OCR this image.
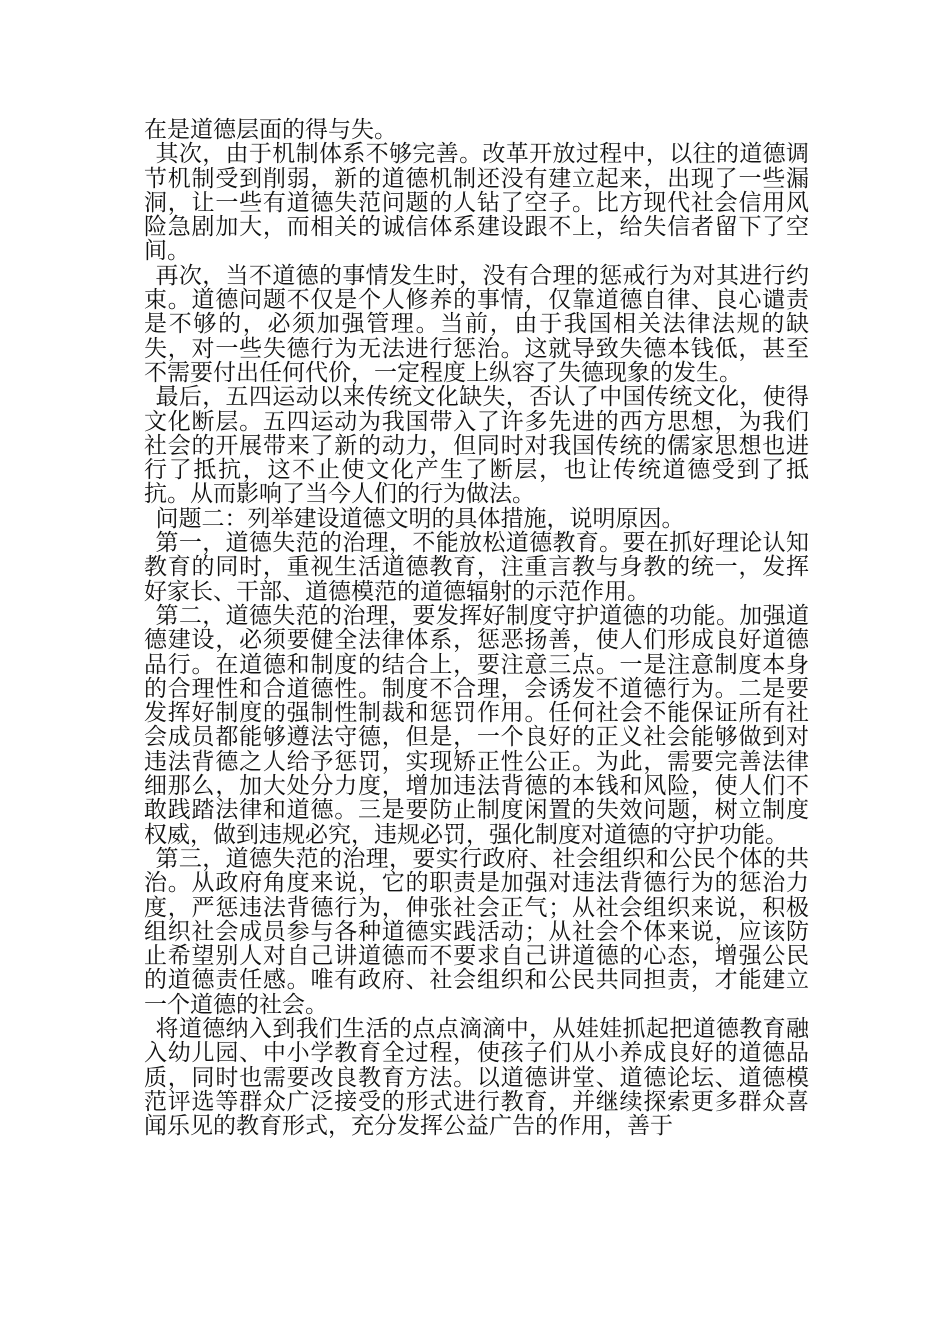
在是道德层面的得与失。

其次，由于机制体系不够完善。改革开放过程中，以往的道德调节机制受到削弱，新的道德机制还没有建立起来，出现了一些漏洞，让一些有道德失范问题的人钻了空子。比方现代社会信用风险急剧加大，而相关的诚信体系建设跟不上，给失信者留下了空间。

再次，当不道德的事情发生时，没有合理的惩戒行为对其进行约束。道德问题不仅是个人修养的事情，仅靠道德自律、良心谴责是不够的，必须加强管理。当前，由于我国相关法律法规的缺失，对一些失德行为无法进行惩治。这就导致失德本钱低，甚至不需要付出任何代价，一定程度上纵容了失德现象的发生。

最后，五四运动以来传统文化缺失，否认了中国传统文化，使得文化断层。五四运动为我国带入了许多先进的西方思想，为我们社会的开展带来了新的动力，但同时对我国传统的儒家思想也进行了抵抗，这不止使文化产生了断层，也让传统道德受到了抵抗。从而影响了当今人们的行为做法。

问题二：列举建设道德文明的具体措施，说明原因。

第一，道德失范的治理，不能放松道德教育。要在抓好理论认知教育的同时，重视生活道德教育，注重言教与身教的统一，发挥好家长、干部、道德模范的道德辐射的示范作用。

第二，道德失范的治理，要发挥好制度守护道德的功能。加强道德建设，必须要健全法律体系，惩恶扬善，使人们形成良好道德品行。在道德和制度的结合上，要注意三点。一是注意制度本身的合理性和合道德性。制度不合理，会诱发不道德行为。二是要发挥好制度的强制性制裁和惩罚作用。任何社会不能保证所有社会成员都能够遵法守德，但是，一个良好的正义社会能够做到对违法背德之人给予惩罚，实现矫正性公正。为此，需要完善法律细那么，加大处分力度，增加违法背德的本钱和风险，使人们不敢践踏法律和道德。三是要防止制度闲置的失效问题，树立制度权威，做到违规必究，违规必罚，强化制度对道德的守护功能。

第三，道德失范的治理，要实行政府、社会组织和公民个体的共治。从政府角度来说，它的职责是加强对违法背德行为的惩治力度，严惩违法背德行为，伸张社会正气；从社会组织来说，积极组织社会成员参与各种道德实践活动；从社会个体来说，应该防止希望别人对自己讲道德而不要求自己讲道德的心态，增强公民的道德责任感。唯有政府、社会组织和公民共同担责，才能建立一个道德的社会。

将道德纳入到我们生活的点点滴滴中，从娃娃抓起把道德教育融入幼儿园、中小学教育全过程，使孩子们从小养成良好的道德品质，同时也需要改良教育方法。以道德讲堂、道德论坛、道德模范评选等群众广泛接受的形式进行教育，并继续探索更多群众喜闻乐见的教育形式，充分发挥公益广告的作用，善于
